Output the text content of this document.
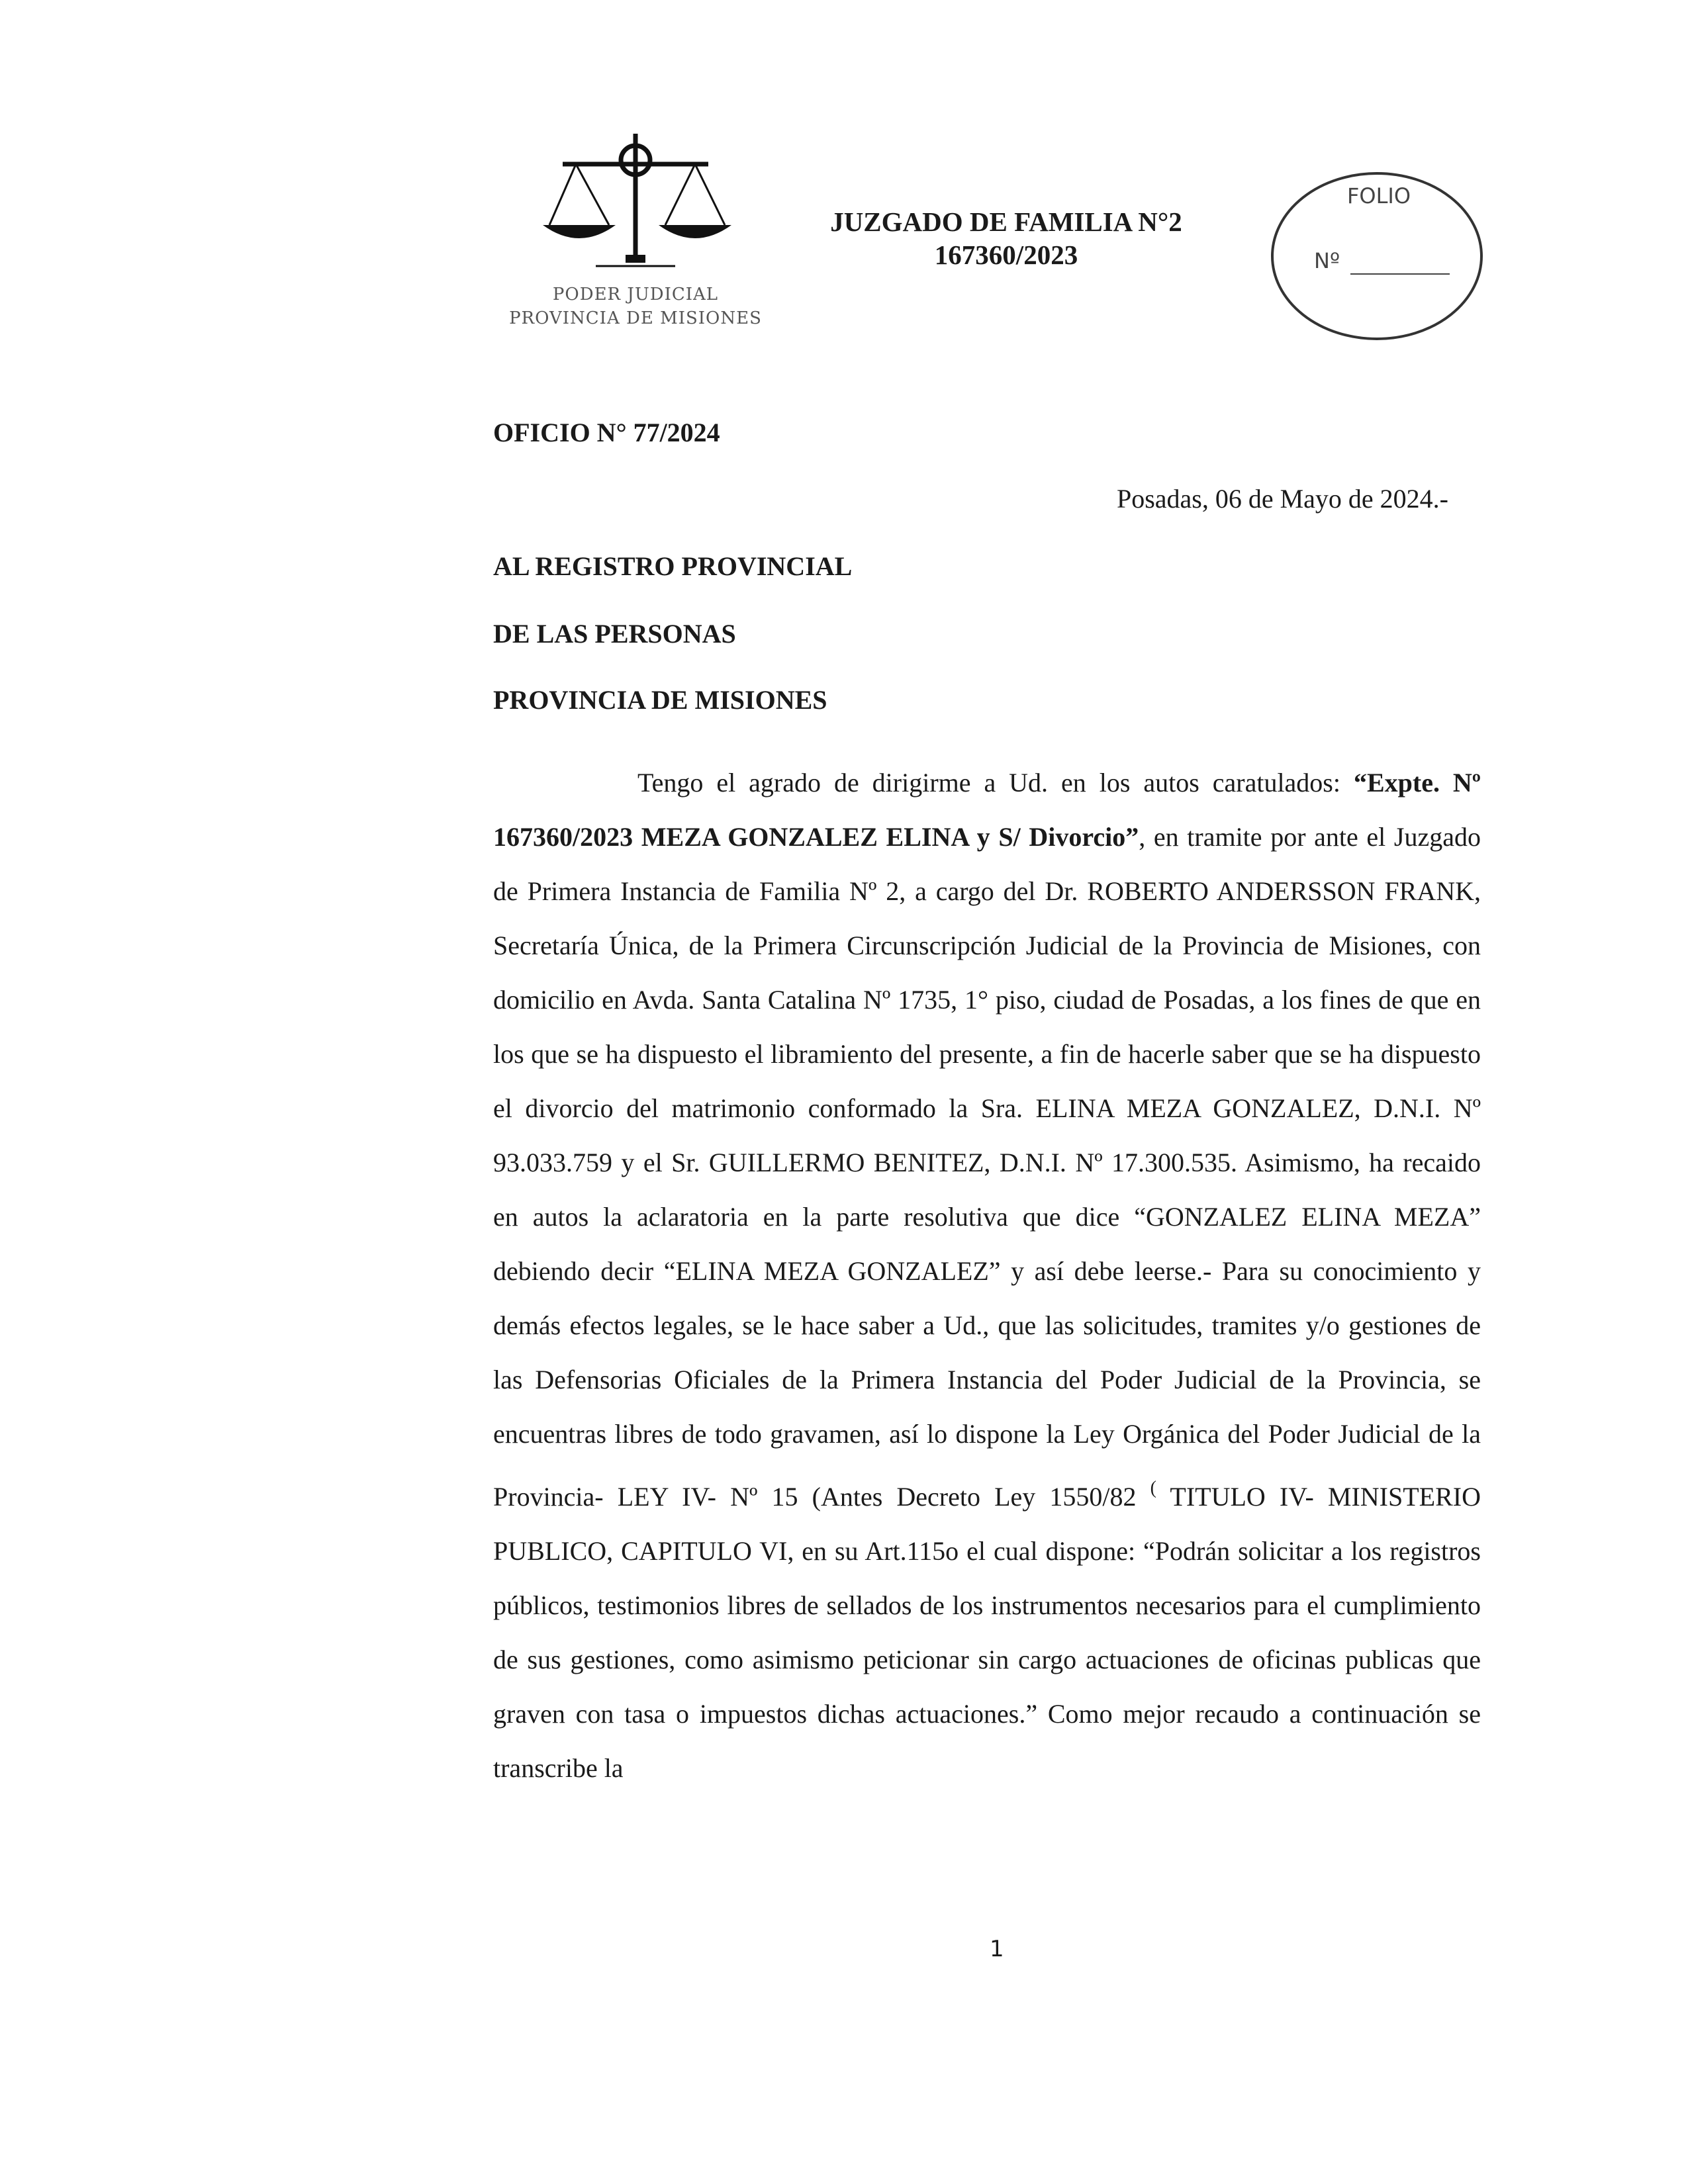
PODER JUDICIAL
PROVINCIA DE MISIONES
JUZGADO DE FAMILIA N°2
167360/2023
FOLIO
Nº
OFICIO N° 77/2024
Posadas, 06 de Mayo de 2024.-
AL REGISTRO PROVINCIAL
DE LAS PERSONAS
PROVINCIA DE MISIONES

Tengo el agrado de dirigirme a Ud. en los autos caratulados: “Expte. Nº 167360/2023 MEZA GONZALEZ ELINA y S/ Divorcio”, en tramite por ante el Juzgado de Primera Instancia de Familia Nº 2, a cargo del Dr. ROBERTO ANDERSSON FRANK, Secretaría Única, de la Primera Circunscripción Judicial de la Provincia de Misiones, con domicilio en Avda. Santa Catalina Nº 1735, 1° piso, ciudad de Posadas, a los fines de que en los que se ha dispuesto el libramiento del presente, a fin de hacerle saber que se ha dispuesto el divorcio del matrimonio conformado la Sra. ELINA MEZA GONZALEZ, D.N.I. Nº 93.033.759 y el Sr. GUILLERMO BENITEZ, D.N.I. Nº 17.300.535. Asimismo, ha recaido en autos la aclaratoria en la parte resolutiva que dice “GONZALEZ ELINA MEZA” debiendo decir “ELINA MEZA GONZALEZ” y así debe leerse.- Para su conocimiento y demás efectos legales, se le hace saber a Ud., que las solicitudes, tramites y/o gestiones de las Defensorias Oficiales de la Primera Instancia del Poder Judicial de la Provincia, se encuentras libres de todo gravamen, así lo dispone la Ley Orgánica del Poder Judicial de la Provincia- LEY IV- Nº 15 (Antes Decreto Ley 1550/82 ( TITULO IV- MINISTERIO PUBLICO, CAPITULO VI, en su Art.115o el cual dispone: “Podrán solicitar a los registros públicos, testimonios libres de sellados de los instrumentos necesarios para el cumplimiento de sus gestiones, como asimismo peticionar sin cargo actuaciones de oficinas publicas que graven con tasa o impuestos dichas actuaciones.” Como mejor recaudo a continuación se transcribe la

1
